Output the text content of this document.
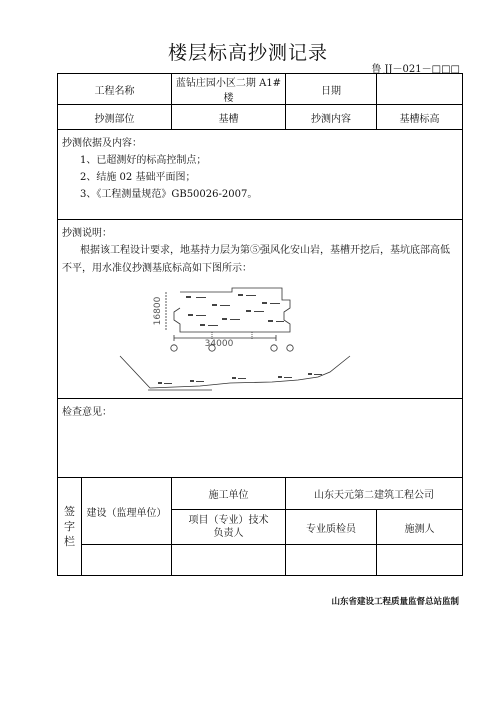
楼层标高抄测记录
鲁 JJ－021－□□□
工程名称		蓝钻庄园小区二期 A1#楼	日期	
抄测部位		基槽	抄测内容	基槽标高

抄测依据及内容：

1、已超测好的标高控制点；

2、结施 02 基础平面图；

3、《工程测量规范》GB50026-2007。				

抄测说明：

根据该工程设计要求，地基持力层为第⑤强风化安山岩，基槽开挖后，基坑底部高低不平，用水准仪抄测基底标高如下图所示：

34000
16800				

检查意见：				

签字栏	建设（监理单位）	施工单位	山东天元第二建筑工程公司	
		项目（专业）技术负责人	专业质检员	施测人

山东省建设工程质量监督总站监制
